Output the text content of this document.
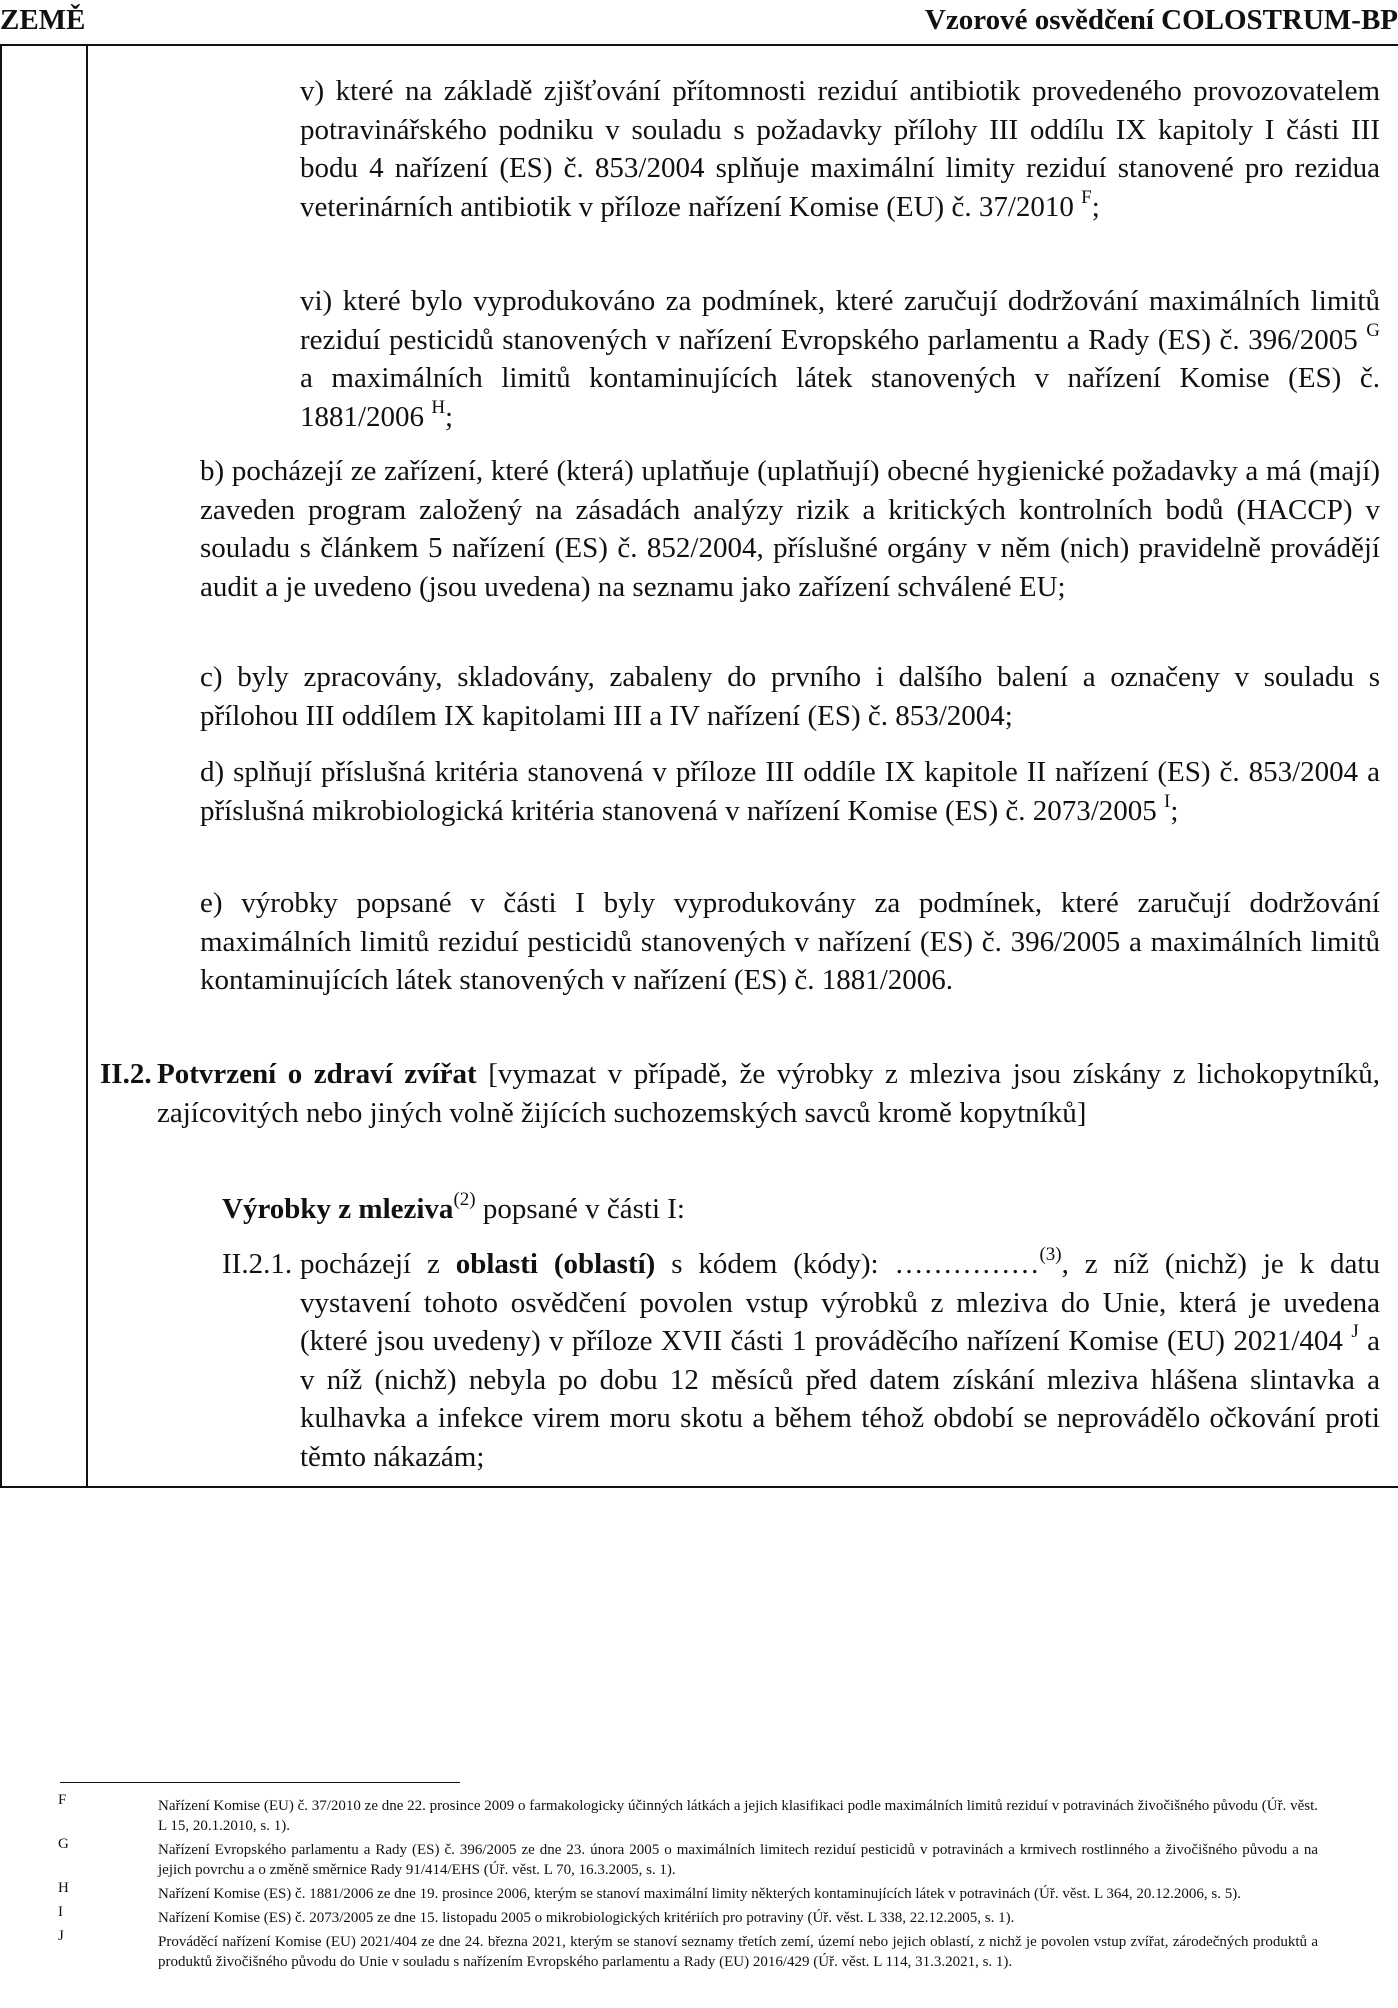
ZEMĚ	Vzorové osvědčení COLOSTRUM-BP

v) které na základě zjišťování přítomnosti reziduí antibiotik provedeného provozovatelem potravinářského podniku v souladu s požadavky přílohy III oddílu IX kapitoly I části III bodu 4 nařízení (ES) č. 853/2004 splňuje maximální limity reziduí stanovené pro rezidua veterinárních antibiotik v příloze nařízení Komise (EU) č. 37/2010 $^F$;

vi) které bylo vyprodukováno za podmínek, které zaručují dodržování maximálních limitů reziduí pesticidů stanovených v nařízení Evropského parlamentu a Rady (ES) č. 396/2005 $^G$ a maximálních limitů kontaminujících látek stanovených v nařízení Komise (ES) č. 1881/2006 $^H$;

b) pocházejí ze zařízení, které (která) uplatňuje (uplatňují) obecné hygienické požadavky a má (mají) zaveden program založený na zásadách analýzy rizik a kritických kontrolních bodů (HACCP) v souladu s článkem 5 nařízení (ES) č. 852/2004, příslušné orgány v něm (nich) pravidelně provádějí audit a je uvedeno (jsou uvedena) na seznamu jako zařízení schválené EU;

c) byly zpracovány, skladovány, zabaleny do prvního i dalšího balení a označeny v souladu s přílohou III oddílem IX kapitolami III a IV nařízení (ES) č. 853/2004;

d) splňují příslušná kritéria stanovená v příloze III oddíle IX kapitole II nařízení (ES) č. 853/2004 a příslušná mikrobiologická kritéria stanovená v nařízení Komise (ES) č. 2073/2005 $^I$;

e) výrobky popsané v části I byly vyprodukovány za podmínek, které zaručují dodržování maximálních limitů reziduí pesticidů stanovených v nařízení (ES) č. 396/2005 a maximálních limitů kontaminujících látek stanovených v nařízení (ES) č. 1881/2006.

II.2. Potvrzení o zdraví zvířat [vymazat v případě, že výrobky z mleziva jsou získány z lichokopytníků, zajícovitých nebo jiných volně žijících suchozemských savců kromě kopytníků]

Výrobky z mleziva$^{(2)}$ popsané v části I:

II.2.1. pocházejí z oblasti (oblastí) s kódem (kódy): ……………$^{(3)}$, z níž (nichž) je k datu vystavení tohoto osvědčení povolen vstup výrobků z mleziva do Unie, která je uvedena (které jsou uvedeny) v příloze XVII části 1 prováděcího nařízení Komise (EU) 2021/404 $^J$ a v níž (nichž) nebyla po dobu 12 měsíců před datem získání mleziva hlášena slintavka a kulhavka a infekce virem moru skotu a během téhož období se neprovádělo očkování proti těmto nákazám;

F	Nařízení Komise (EU) č. 37/2010 ze dne 22. prosince 2009 o farmakologicky účinných látkách a jejich klasifikaci podle maximálních limitů reziduí v potravinách živočišného původu (Úř. věst. L 15, 20.1.2010, s. 1).

G	Nařízení Evropského parlamentu a Rady (ES) č. 396/2005 ze dne 23. února 2005 o maximálních limitech reziduí pesticidů v potravinách a krmivech rostlinného a živočišného původu a na jejich povrchu a o změně směrnice Rady 91/414/EHS (Úř. věst. L 70, 16.3.2005, s. 1).

H	Nařízení Komise (ES) č. 1881/2006 ze dne 19. prosince 2006, kterým se stanoví maximální limity některých kontaminujících látek v potravinách (Úř. věst. L 364, 20.12.2006, s. 5).

I	Nařízení Komise (ES) č. 2073/2005 ze dne 15. listopadu 2005 o mikrobiologických kritériích pro potraviny (Úř. věst. L 338, 22.12.2005, s. 1).

J	Prováděcí nařízení Komise (EU) 2021/404 ze dne 24. března 2021, kterým se stanoví seznamy třetích zemí, území nebo jejich oblastí, z nichž je povolen vstup zvířat, zárodečných produktů a produktů živočišného původu do Unie v souladu s nařízením Evropského parlamentu a Rady (EU) 2016/429 (Úř. věst. L 114, 31.3.2021, s. 1).
